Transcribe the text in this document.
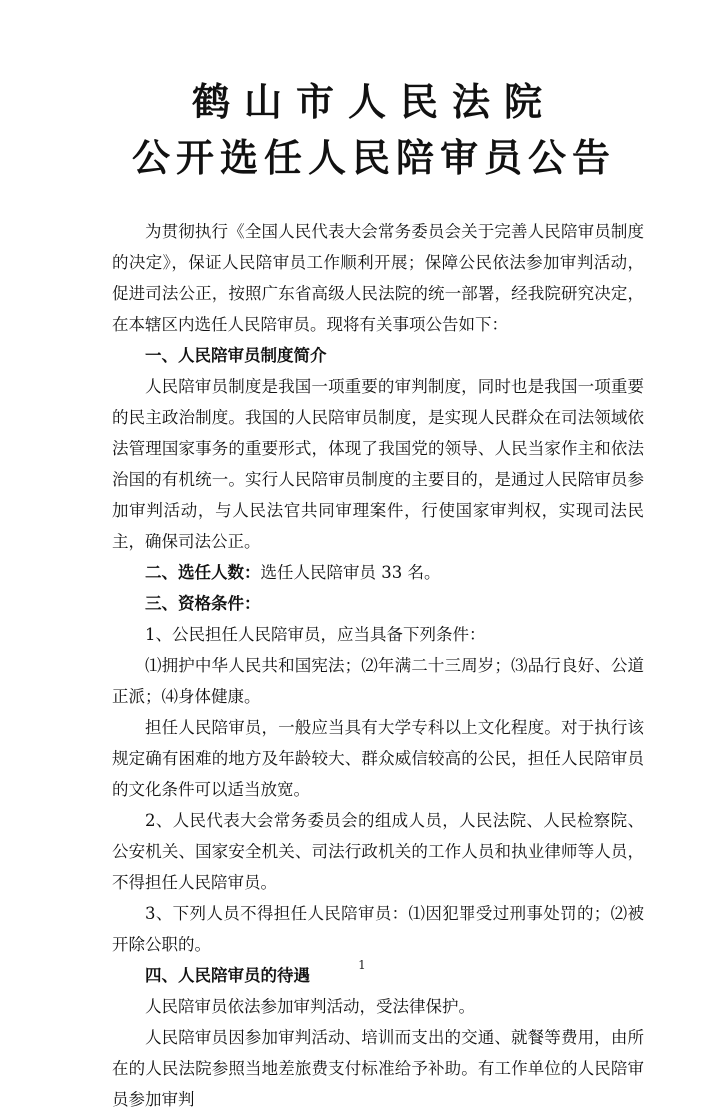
鹤山市人民法院
公开选任人民陪审员公告

为贯彻执行《全国人民代表大会常务委员会关于完善人民陪审员制度的决定》，保证人民陪审员工作顺利开展；保障公民依法参加审判活动，促进司法公正，按照广东省高级人民法院的统一部署，经我院研究决定，在本辖区内选任人民陪审员。现将有关事项公告如下：

一、人民陪审员制度简介

人民陪审员制度是我国一项重要的审判制度，同时也是我国一项重要的民主政治制度。我国的人民陪审员制度，是实现人民群众在司法领域依法管理国家事务的重要形式，体现了我国党的领导、人民当家作主和依法治国的有机统一。实行人民陪审员制度的主要目的，是通过人民陪审员参加审判活动，与人民法官共同审理案件，行使国家审判权，实现司法民主，确保司法公正。

二、选任人数：选任人民陪审员 33 名。

三、资格条件：

1、公民担任人民陪审员，应当具备下列条件：

⑴拥护中华人民共和国宪法；⑵年满二十三周岁；⑶品行良好、公道正派；⑷身体健康。

担任人民陪审员，一般应当具有大学专科以上文化程度。对于执行该规定确有困难的地方及年龄较大、群众威信较高的公民，担任人民陪审员的文化条件可以适当放宽。

2、人民代表大会常务委员会的组成人员，人民法院、人民检察院、公安机关、国家安全机关、司法行政机关的工作人员和执业律师等人员，不得担任人民陪审员。

3、下列人员不得担任人民陪审员：⑴因犯罪受过刑事处罚的；⑵被开除公职的。

四、人民陪审员的待遇

人民陪审员依法参加审判活动，受法律保护。

人民陪审员因参加审判活动、培训而支出的交通、就餐等费用，由所在的人民法院参照当地差旅费支付标准给予补助。有工作单位的人民陪审员参加审判

1
